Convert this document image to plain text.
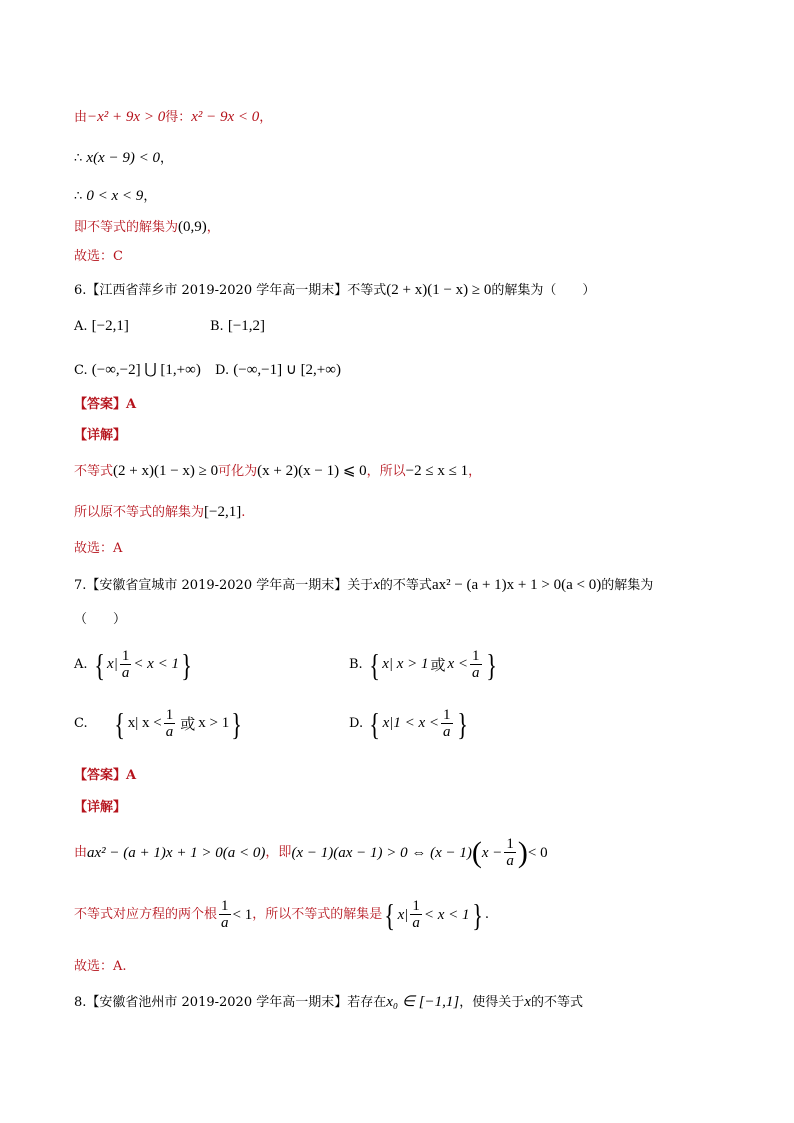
由−x² + 9x > 0得：x² − 9x < 0，
∴ x(x − 9) < 0，
∴ 0 < x < 9，
即不等式的解集为(0,9)，
故选：C
6.【江西省萍乡市 2019-2020 学年高一期末】不等式(2 + x)(1 − x) ≥ 0的解集为（　　）
A. [−2,1]	B. [−1,2]
C. (−∞,−2] ⋃ [1,+∞) D. (−∞,−1] ∪ [2,+∞)
【答案】A
【详解】
不等式(2 + x)(1 − x) ≥ 0可化为(x + 2)(x − 1) ⩽ 0，所以−2 ≤ x ≤ 1，
所以原不等式的解集为[−2,1].
故选：A
7.【安徽省宣城市 2019-2020 学年高一期末】关于x的不等式ax² − (a + 1)x + 1 > 0(a < 0)的解集为
（　　）
A.
{ $x| \frac{1}{a} < x < 1$ }	B.
{ x| x > 1 或 $x < \frac{1}{a}$ }
C.
{ x| $x < \frac{1}{a}$ 或 x > 1 }	D.
{ $x|1 < x < \frac{1}{a}$ }
【答案】A
【详解】
由 ax² − (a + 1)x + 1 > 0(a < 0) ，即 (x − 1)(ax − 1) > 0 ⇔ (x − 1) ( $x - \frac{1}{a}$ ) < 0
不等式对应方程的两个根 $\frac{1}{a} < 1$ ，所以不等式的解集是 { $x| \frac{1}{a} < x < 1$ } .
故选：A.
8.【安徽省池州市 2019-2020 学年高一期末】若存在x₀ ∈ [−1,1]，使得关于x的不等式
